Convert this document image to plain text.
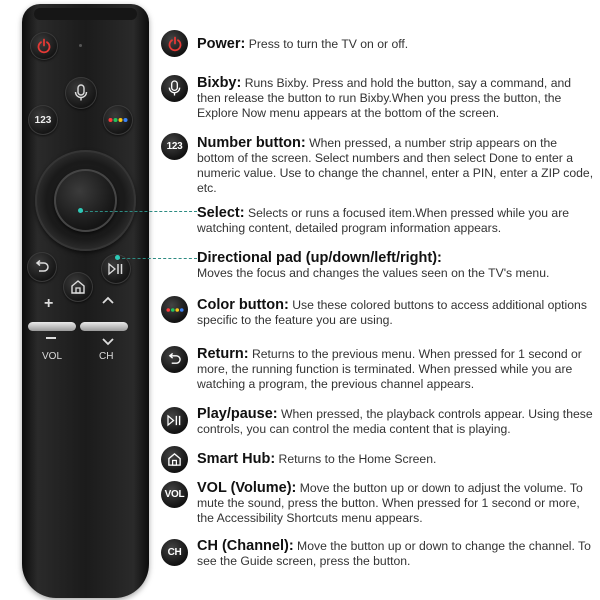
123
+
VOL	CH
Power: Press to turn the TV on or off.
Bixby: Runs Bixby. Press and hold the button, say a command, and then release the button to run Bixby.When you press the button, the Explore Now menu appears at the bottom of the screen.
123	Number button: When pressed, a number strip appears on the bottom of the screen. Select numbers and then select Done to enter a numeric value. Use to change the channel, enter a PIN, enter a ZIP code, etc.
Select: Selects or runs a focused item.When pressed while you are watching content, detailed program information appears.
Directional pad (up/down/left/right):
Moves the focus and changes the values seen on the TV's menu.
Color button: Use these colored buttons to access additional options specific to the feature you are using.
Return: Returns to the previous menu. When pressed for 1 second or more, the running function is terminated. When pressed while you are watching a program, the previous channel appears.
Play/pause: When pressed, the playback controls appear. Using these controls, you can control the media content that is playing.
Smart Hub: Returns to the Home Screen.
VOL VOL (Volume): Move the button up or down to adjust the volume. To mute the sound, press the button. When pressed for 1 second or more, the Accessibility Shortcuts menu appears.
CH	CH (Channel): Move the button up or down to change the channel. To see the Guide screen, press the button.
